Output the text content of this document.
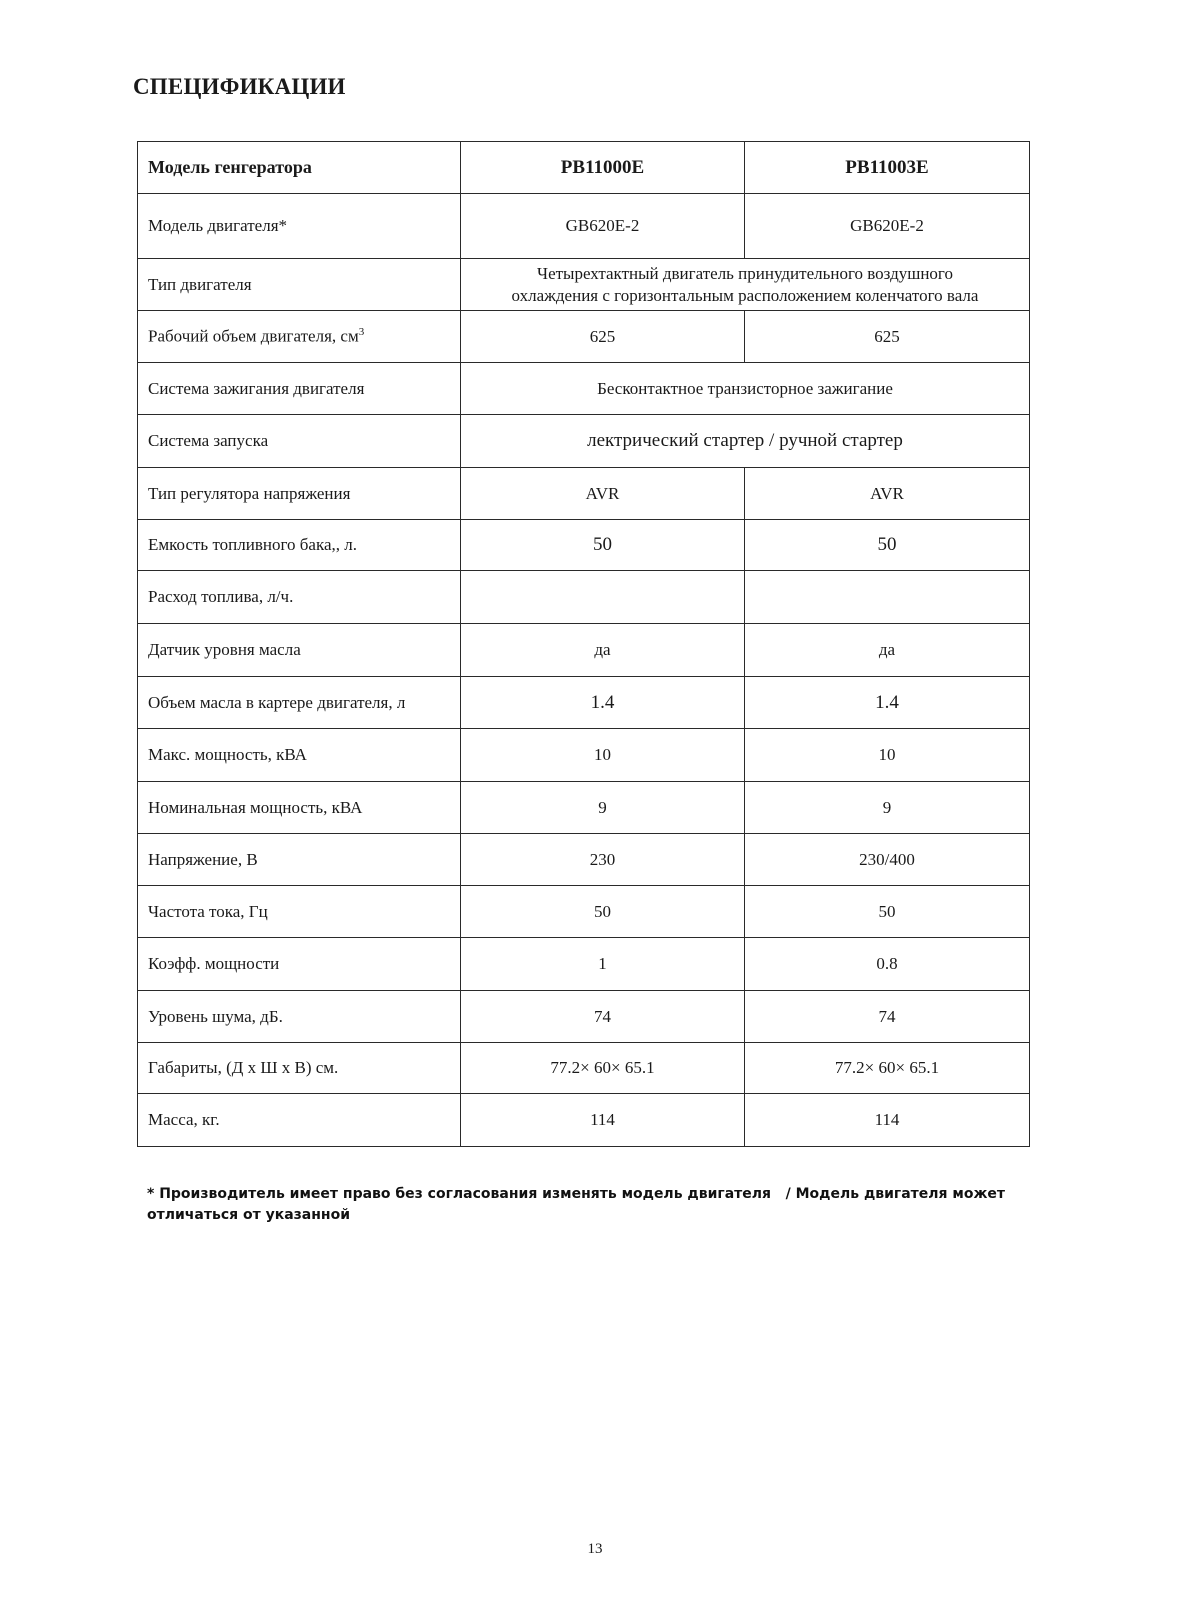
СПЕЦИФИКАЦИИ
Модель генгератора	PB11000E	PB11003E
Модель двигателя*	GB620E-2	GB620E-2
Тип двигателя	Четырехтактный двигатель принудительного воздушного
охлаждения с горизонтальным расположением коленчатого вала	

Рабочий объем двигателя, $см^3$	625	625
Система зажигания двигателя	Бесконтактное транзисторное зажигание	
Система запуска	лектрический стартер / ручной стартер	
Тип регулятора напряжения	AVR	AVR
Емкость топливного бака,, л.	50	50
Расход топлива, л/ч.		
Датчик уровня масла	да	да
Объем масла в картере двигателя, л	1.4	1.4
Макс. мощность, кВА	10	10
Номинальная мощность, кВА	9	9
Напряжение, В	230	230/400
Частота тока, Гц	50	50
Коэфф. мощности	1	0.8
Уровень шума, дБ.	74	74
Габариты, (Д х Ш х В) см.	77.2× 60× 65.1	77.2× 60× 65.1
Масса, кг.	114	114
* Производитель имеет право без согласования изменять модель двигателя   / Модель двигателя может
отличаться от указанной
13
